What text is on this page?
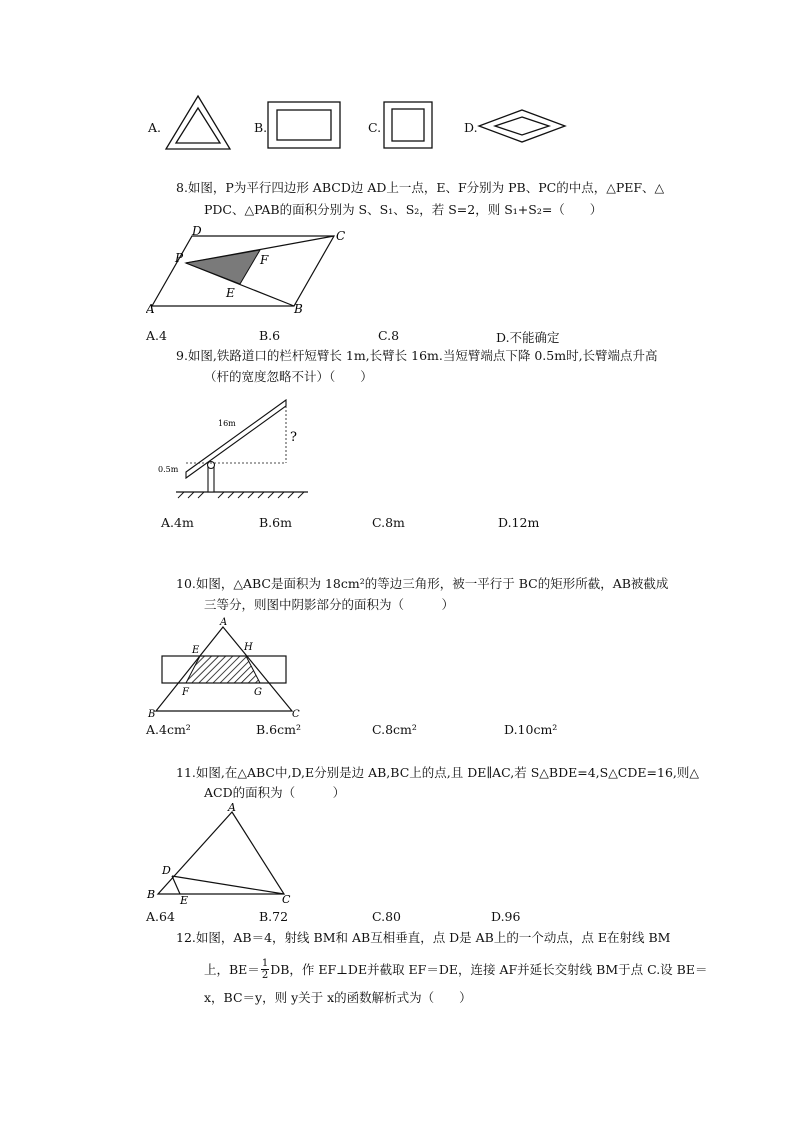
A.	B.	C.	D.
8.如图，P为平行四边形 ABCD边 AD上一点，E、F分别为 PB、PC的中点，△PEF、△
PDC、△PAB的面积分别为 S、S₁、S₂，若 S=2，则 S₁+S₂=（　　）
D	C
P	F
E
A	B
A.4	B.6	C.8	D.不能确定
9.如图,铁路道口的栏杆短臂长 1m,长臂长 16m.当短臂端点下降 0.5m时,长臂端点升高
（杆的宽度忽略不计）（　　）
16m
0.5m
?
A.4m	B.6m	C.8m	D.12m
10.如图，△ABC是面积为 18cm²的等边三角形，被一平行于 BC的矩形所截，AB被截成
三等分，则图中阴影部分的面积为（　　　）
A
E	H
F	G
B	C
A.4cm²	B.6cm²	C.8cm²	D.10cm²
11.如图,在△ABC中,D,E分别是边 AB,BC上的点,且 DE∥AC,若 S△BDE=4,S△CDE=16,则△
ACD的面积为（　　　）
A
D
B E	C
A.64	B.72	C.80	D.96
12.如图，AB＝4，射线 BM和 AB互相垂直，点 D是 AB上的一个动点，点 E在射线 BM
上，$BE= \frac{1}{2}$ DB，作 EF⊥DE并截取 EF＝DE，连接 AF并延长交射线 BM于点 C.设 BE＝
x，BC＝y，则 y关于 x的函数解析式为（　　）
